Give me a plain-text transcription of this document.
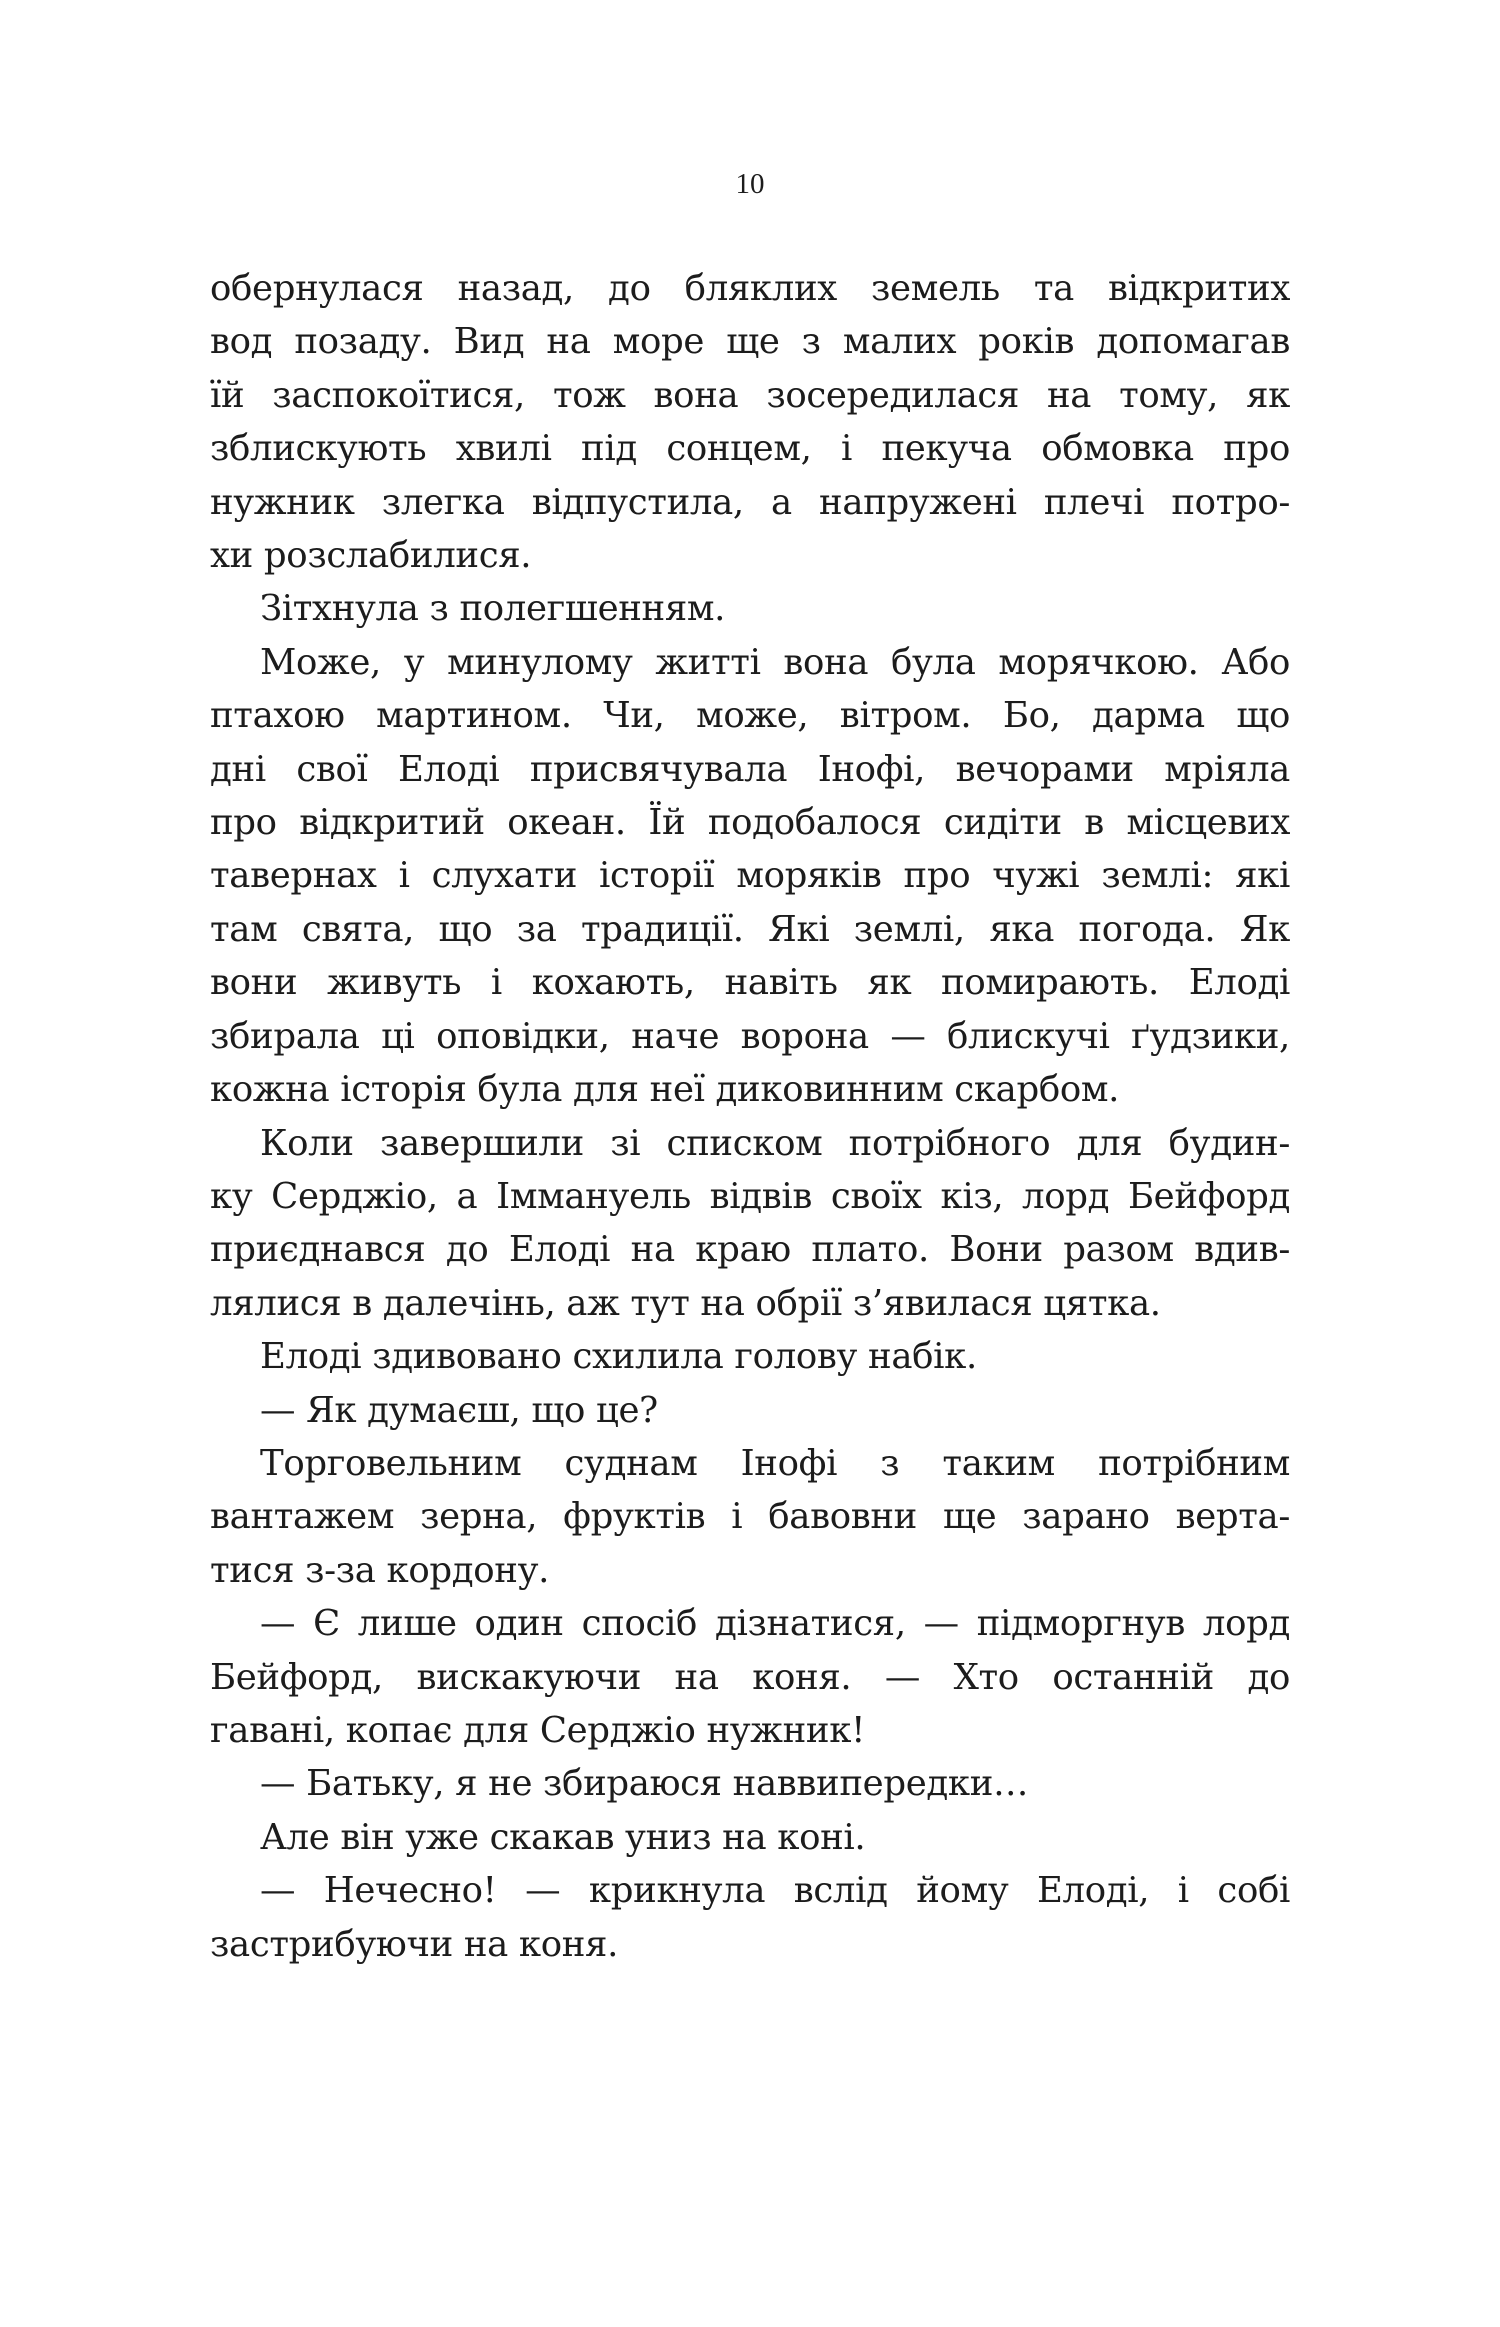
10

обернулася назад, до бляклих земель та відкритих
вод позаду. Вид на море ще з малих років допомагав
їй заспокоїтися, тож вона зосередилася на тому, як
зблискують хвилі під сонцем, і пекуча обмовка про
нужник злегка відпустила, а напружені плечі потро-
хи розслабилися.
Зітхнула з полегшенням.
Може, у минулому житті вона була морячкою. Або
птахою мартином. Чи, може, вітром. Бо, дарма що
дні свої Елоді присвячувала Інофі, вечорами мріяла
про відкритий океан. Їй подобалося сидіти в місцевих
тавернах і слухати історії моряків про чужі землі: які
там свята, що за традиції. Які землі, яка погода. Як
вони живуть і кохають, навіть як помирають. Елоді
збирала ці оповідки, наче ворона — блискучі ґудзики,
кожна історія була для неї диковинним скарбом.
Коли завершили зі списком потрібного для будин-
ку Серджіо, а Іммануель відвів своїх кіз, лорд Бейфорд
приєднався до Елоді на краю плато. Вони разом вдив-
лялися в далечінь, аж тут на обрії з’явилася цятка.
Елоді здивовано схилила голову набік.
— Як думаєш, що це?
Торговельним суднам Інофі з таким потрібним
вантажем зерна, фруктів і бавовни ще зарано верта-
тися з-за кордону.
— Є лише один спосіб дізнатися, — підморгнув лорд
Бейфорд, вискакуючи на коня. — Хто останній до
гавані, копає для Серджіо нужник!
— Батьку, я не збираюся наввипередки…
Але він уже скакав униз на коні.
— Нечесно! — крикнула вслід йому Елоді, і собі
застрибуючи на коня.
